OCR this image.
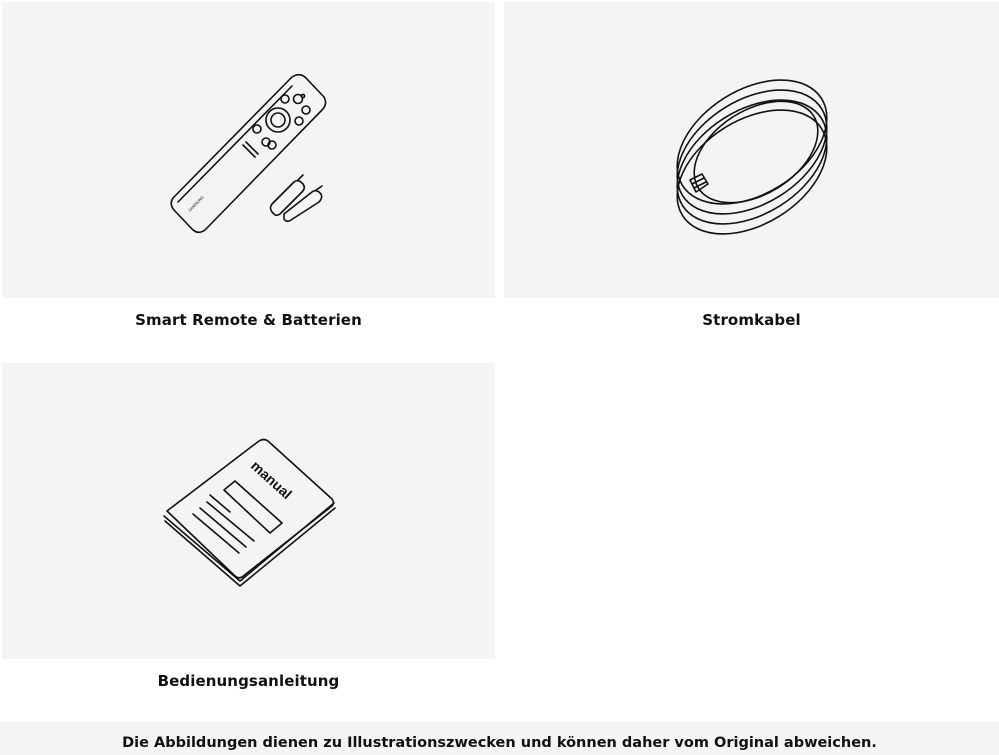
SAMSUNG
Smart Remote & Batterien	Stromkabel
manual
Bedienungsanleitung
Die Abbildungen dienen zu Illustrationszwecken und können daher vom Original abweichen.
